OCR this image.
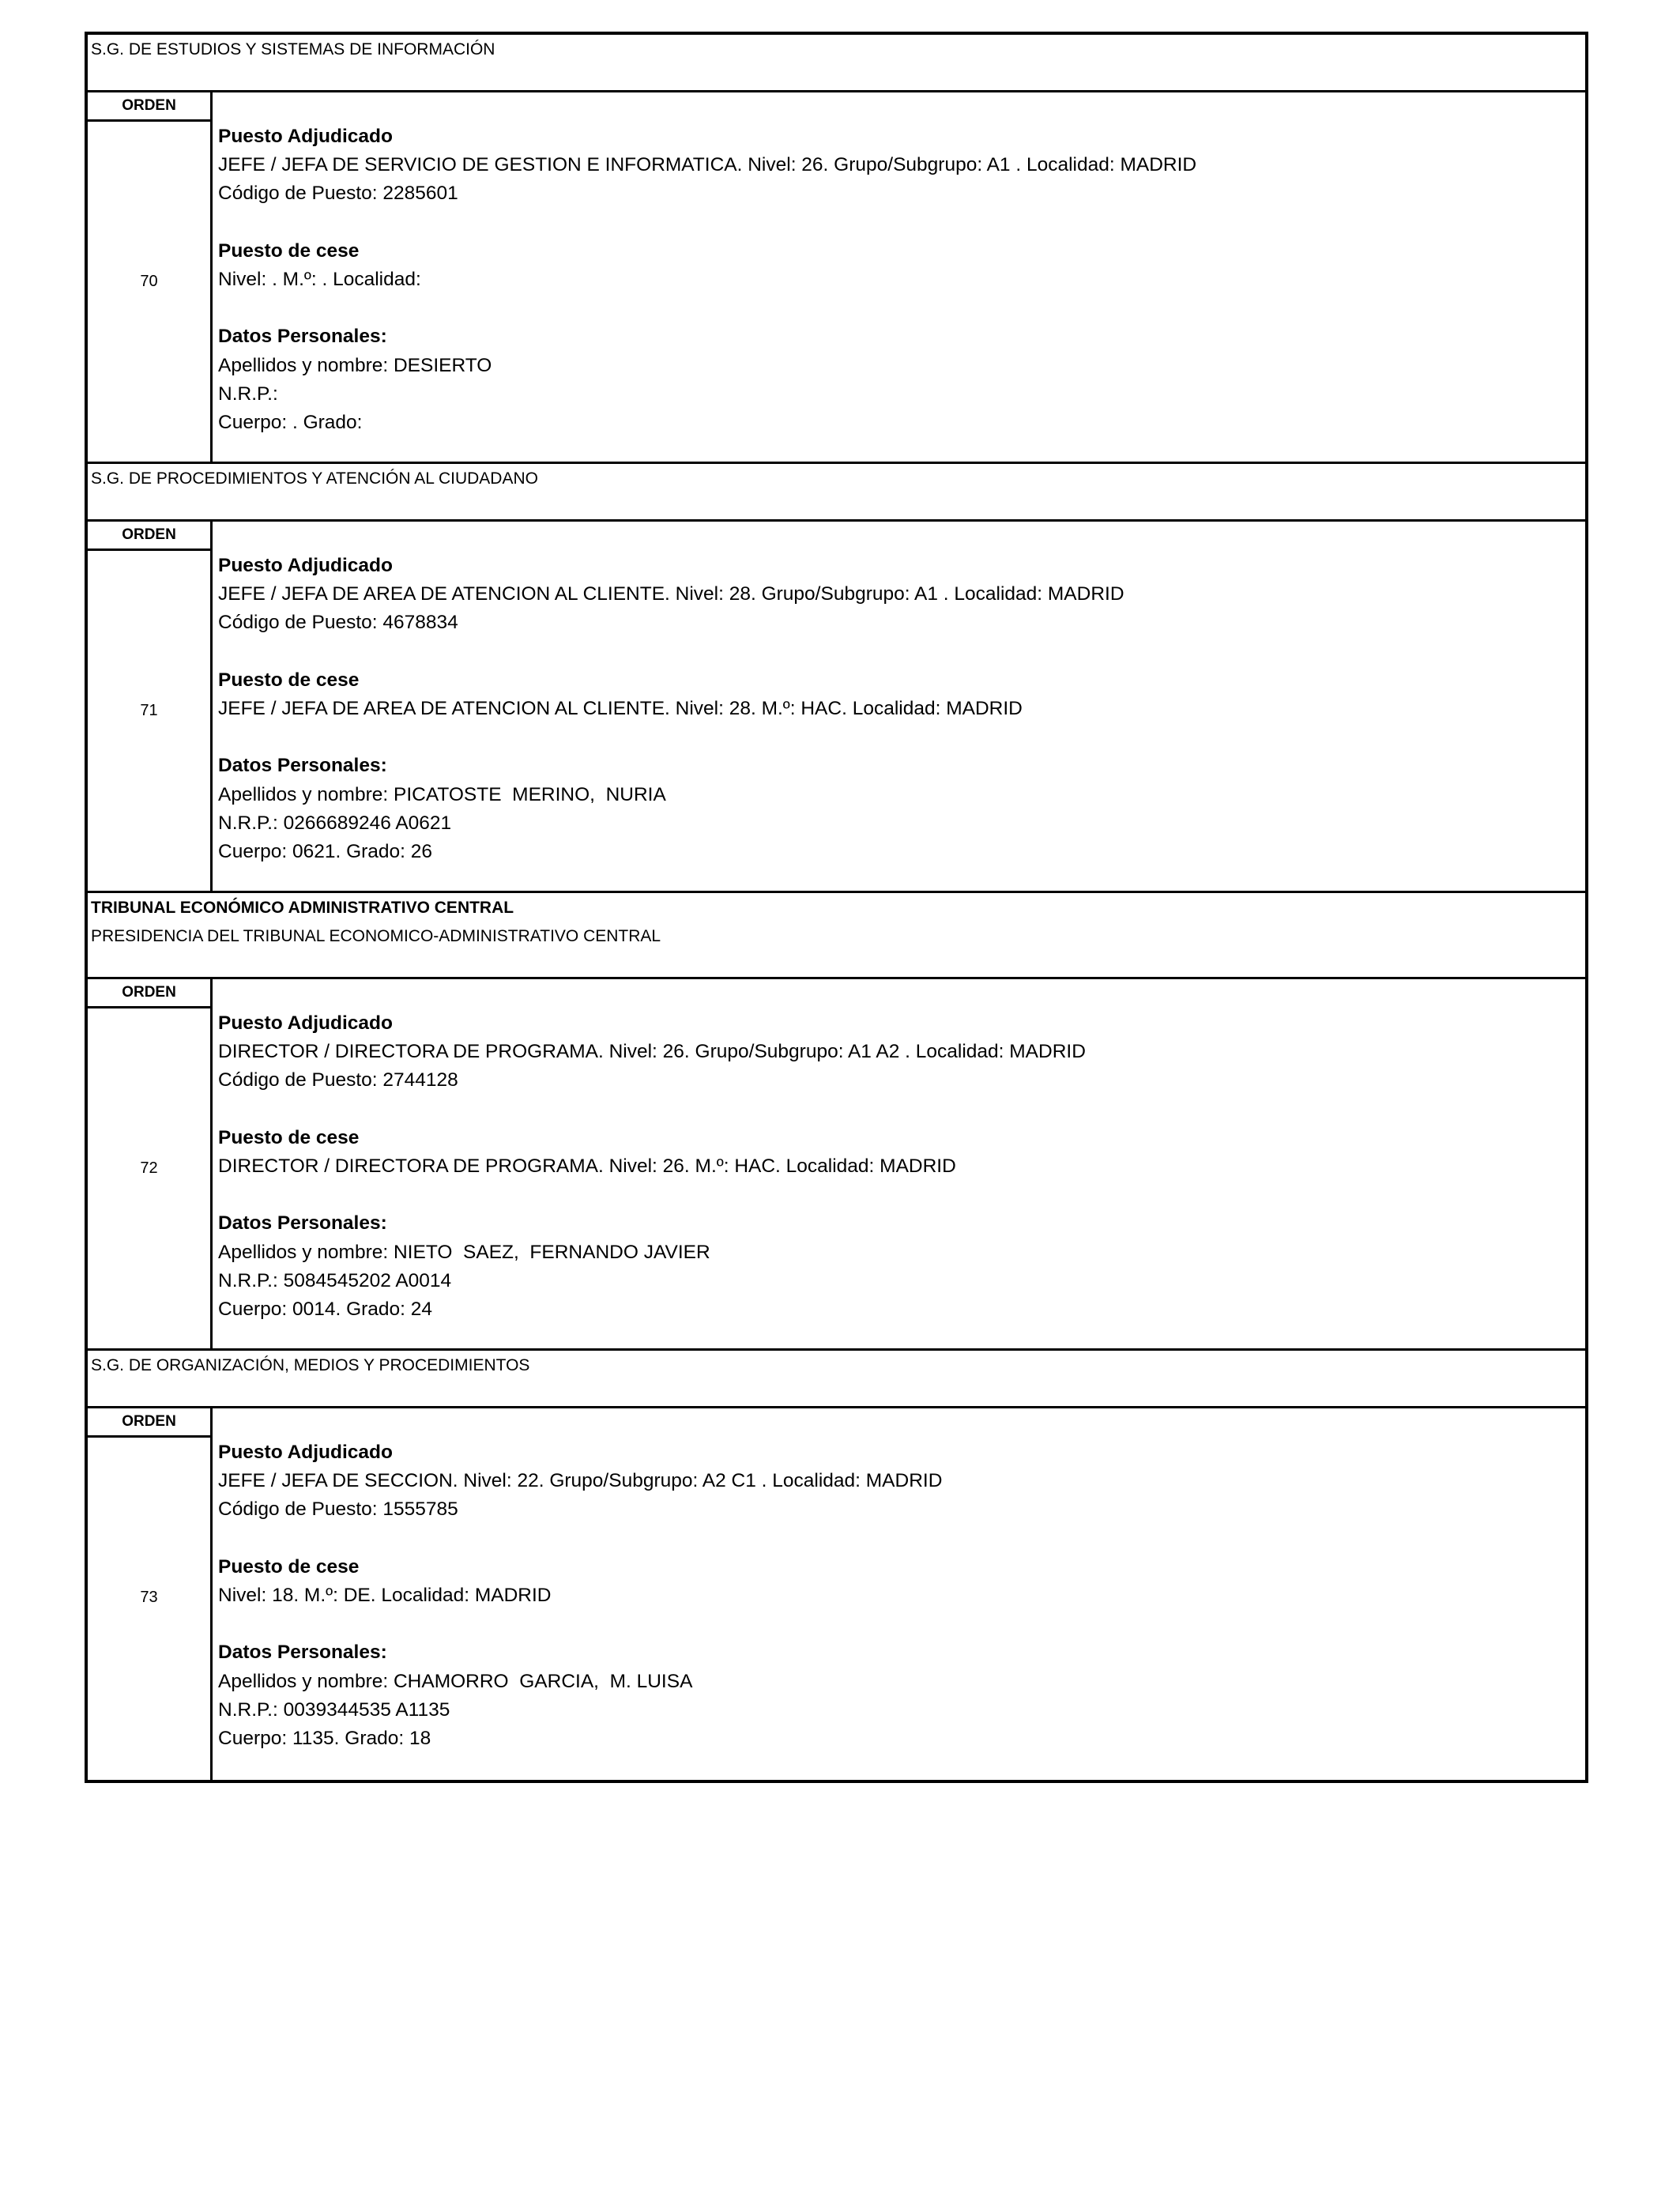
S.G. DE ESTUDIOS Y SISTEMAS DE INFORMACIÓN
ORDEN
70
Puesto Adjudicado
JEFE / JEFA DE SERVICIO DE GESTION E INFORMATICA. Nivel: 26. Grupo/Subgrupo: A1 . Localidad: MADRID
Código de Puesto: 2285601
Puesto de cese
Nivel: . M.º: . Localidad:
Datos Personales:
Apellidos y nombre: DESIERTO
N.R.P.:
Cuerpo: . Grado:
S.G. DE PROCEDIMIENTOS Y ATENCIÓN AL CIUDADANO
ORDEN
71
Puesto Adjudicado
JEFE / JEFA DE AREA DE ATENCION AL CLIENTE. Nivel: 28. Grupo/Subgrupo: A1 . Localidad: MADRID
Código de Puesto: 4678834
Puesto de cese
JEFE / JEFA DE AREA DE ATENCION AL CLIENTE. Nivel: 28. M.º: HAC. Localidad: MADRID
Datos Personales:
Apellidos y nombre: PICATOSTE  MERINO,  NURIA
N.R.P.: 0266689246 A0621
Cuerpo: 0621. Grado: 26
TRIBUNAL ECONÓMICO ADMINISTRATIVO CENTRAL
PRESIDENCIA DEL TRIBUNAL ECONOMICO-ADMINISTRATIVO CENTRAL
ORDEN
72
Puesto Adjudicado
DIRECTOR / DIRECTORA DE PROGRAMA. Nivel: 26. Grupo/Subgrupo: A1 A2 . Localidad: MADRID
Código de Puesto: 2744128
Puesto de cese
DIRECTOR / DIRECTORA DE PROGRAMA. Nivel: 26. M.º: HAC. Localidad: MADRID
Datos Personales:
Apellidos y nombre: NIETO  SAEZ,  FERNANDO JAVIER
N.R.P.: 5084545202 A0014
Cuerpo: 0014. Grado: 24
S.G. DE ORGANIZACIÓN, MEDIOS Y PROCEDIMIENTOS
ORDEN
73
Puesto Adjudicado
JEFE / JEFA DE SECCION. Nivel: 22. Grupo/Subgrupo: A2 C1 . Localidad: MADRID
Código de Puesto: 1555785
Puesto de cese
Nivel: 18. M.º: DE. Localidad: MADRID
Datos Personales:
Apellidos y nombre: CHAMORRO  GARCIA,  M. LUISA
N.R.P.: 0039344535 A1135
Cuerpo: 1135. Grado: 18
